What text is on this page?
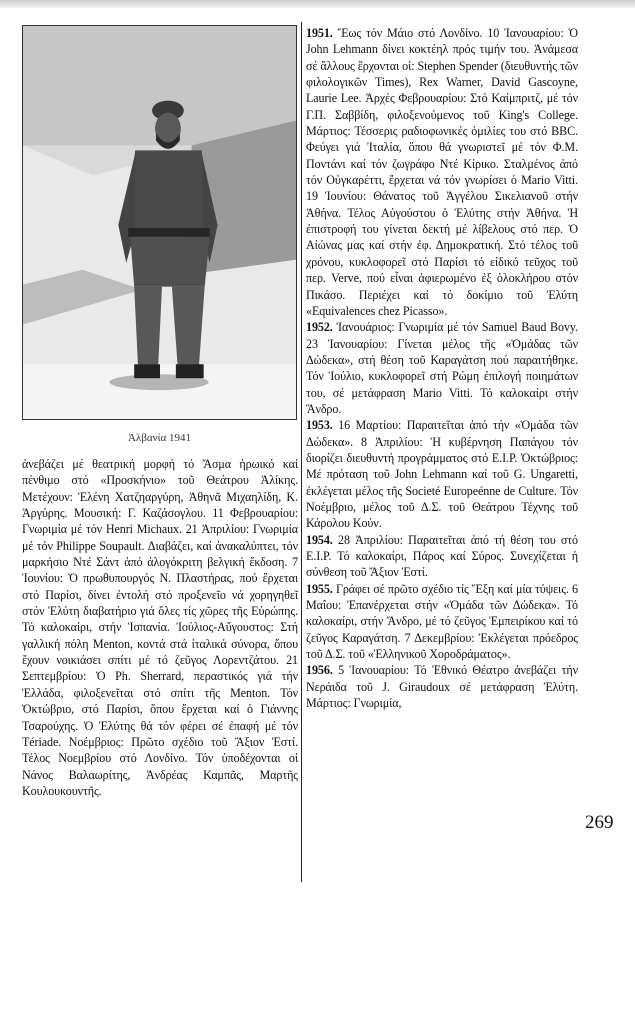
Ἀλβανία 1941

ἀνεβάζει μέ θεατρική μορφή τό Ἄσμα ἡρωικό καί πένθιμο στό «Προσκήνιο» τοῦ Θεάτρου Ἀλίκης. Μετέχουν: Ἑλένη Χατζηαργύρη, Ἀθηνᾶ Μιχαηλίδη, Κ. Ἀργύρης. Μουσική: Γ. Καζάσογλου. 11 Φεβρουαρίου: Γνωριμία μέ τόν Henri Michaux. 21 Ἀπριλίου: Γνωριμία μέ τόν Philippe Soupault. Διαβάζει, καί ἀνακαλύπτει, τόν μαρκήσιο Ντέ Σάντ ἀπό ἀλογόκριτη βελγική ἔκδοση. 7 Ἰουνίου: Ὁ πρωθυπουργός Ν. Πλαστήρας, πού ἔρχεται στό Παρίσι, δίνει ἐντολή στό προξενεῖο νά χορηγηθεῖ στόν Ἐλύτη διαβατήριο γιά ὅλες τίς χῶρες τῆς Εὐρώπης. Τό καλοκαίρι, στήν Ἱσπανία. Ἰούλιος-Αὔγουστος: Στή γαλλική πόλη Menton, κοντά στά ἰταλικά σύνορα, ὅπου ἔχουν νοικιάσει σπίτι μέ τό ζεῦγος Λορεντζάτου. 21 Σεπτεμβρίου: Ὁ Ph. Sherrard, περαστικός γιά τήν Ἑλλάδα, φιλοξενεῖται στό σπίτι τῆς Menton. Τόν Ὀκτώβριο, στό Παρίσι, ὅπου ἔρχεται καί ὁ Γιάννης Τσαρούχης. Ὁ Ἐλύτης θά τόν φέρει σέ ἐπαφή μέ τόν Tériade. Νοέμβριος: Πρῶτο σχέδιο τοῦ Ἄξιον Ἐστί. Τέλος Νοεμβρίου στό Λονδίνο. Τόν ὑποδέχονται οἱ Νάνος Βαλαωρίτης, Ἀνδρέας Καμπᾶς, Μαρτῆς Κουλουκουντῆς.

1951. Ἕως τόν Μάιο στό Λονδίνο. 10 Ἰανουαρίου: Ὁ John Lehmann δίνει κοκτέηλ πρός τιμήν του. Ἀνάμεσα σέ ἄλλους ἔρχονται οἱ: Stephen Spender (διευθυντής τῶν φιλολογικῶν Times), Rex Warner, David Gascoyne, Laurie Lee. Ἀρχές Φεβρουαρίου: Στό Καίμπριτζ, μέ τόν Γ.Π. Σαββίδη, φιλοξενούμενος τοῦ King's College. Μάρτιος: Τέσσερις ραδιοφωνικές ὁμιλίες του στό BBC. Φεύγει γιά Ἰταλία, ὅπου θά γνωριστεῖ μέ τόν Φ.Μ. Ποντάνι καί τόν ζωγράφο Ντέ Κίρικο. Σταλμένος ἀπό τόν Οὐγκαρέττι, ἔρχεται νά τόν γνωρίσει ὁ Mario Vitti. 19 Ἰουνίου: Θάνατος τοῦ Ἀγγέλου Σικελιανοῦ στήν Ἀθήνα. Τέλος Αὐγούστου ὁ Ἐλύτης στήν Ἀθήνα. Ἡ ἐπιστροφή του γίνεται δεκτή μέ λίβελους στό περ. Ὁ Αἰώνας μας καί στήν ἐφ. Δημοκρατική. Στό τέλος τοῦ χρόνου, κυκλοφορεῖ στό Παρίσι τό εἰδικό τεῦχος τοῦ περ. Verve, πού εἶναι ἀφιερωμένο ἐξ ὁλοκλήρου στόν Πικάσο. Περιέχει καί τό δοκίμιο τοῦ Ἐλύτη «Equivalences chez Picasso».

1952. Ἰανουάριος: Γνωριμία μέ τόν Samuel Baud Bovy. 23 Ἰανουαρίου: Γίνεται μέλος τῆς «Ὁμάδας τῶν Δώδεκα», στή θέση τοῦ Καραγάτση πού παραιτήθηκε. Τόν Ἰούλιο, κυκλοφορεῖ στή Ρώμη ἐπιλογή ποιημάτων του, σέ μετάφραση Mario Vitti. Τό καλοκαίρι στήν Ἄνδρο.

1953. 16 Μαρτίου: Παραιτεῖται ἀπό τήν «Ὁμάδα τῶν Δώδεκα». 8 Ἀπριλίου: Ἡ κυβέρνηση Παπάγου τόν διορίζει διευθυντή προγράμματος στό Ε.Ι.Ρ. Ὀκτώβριος: Μέ πρόταση τοῦ John Lehmann καί τοῦ G. Ungaretti, ἐκλέγεται μέλος τῆς Societé Europeénne de Culture. Τόν Νοέμβριο, μέλος τοῦ Δ.Σ. τοῦ Θεάτρου Τέχνης τοῦ Κάρολου Κούν.

1954. 28 Ἀπριλίου: Παραιτεῖται ἀπό τή θέση του στό Ε.Ι.Ρ. Τό καλοκαίρι, Πάρος καί Σύρος. Συνεχίζεται ἡ σύνθεση τοῦ Ἄξιον Ἐστί.

1955. Γράφει σέ πρῶτο σχέδιο τίς Ἕξη καί μία τύψεις. 6 Μαΐου: Ἐπανέρχεται στήν «Ὁμάδα τῶν Δώδεκα». Τό καλοκαίρι, στήν Ἄνδρο, μέ τό ζεῦγος Ἐμπειρίκου καί τό ζεῦγος Καραγάτση. 7 Δεκεμβρίου: Ἐκλέγεται πρόεδρος τοῦ Δ.Σ. τοῦ «Ἑλληνικοῦ Χοροδράματος».

1956. 5 Ἰανουαρίου: Τό Ἐθνικό Θέατρο ἀνεβάζει τήν Νεράιδα τοῦ J. Giraudoux σέ μετάφραση Ἐλύτη. Μάρτιος: Γνωριμία,

269
